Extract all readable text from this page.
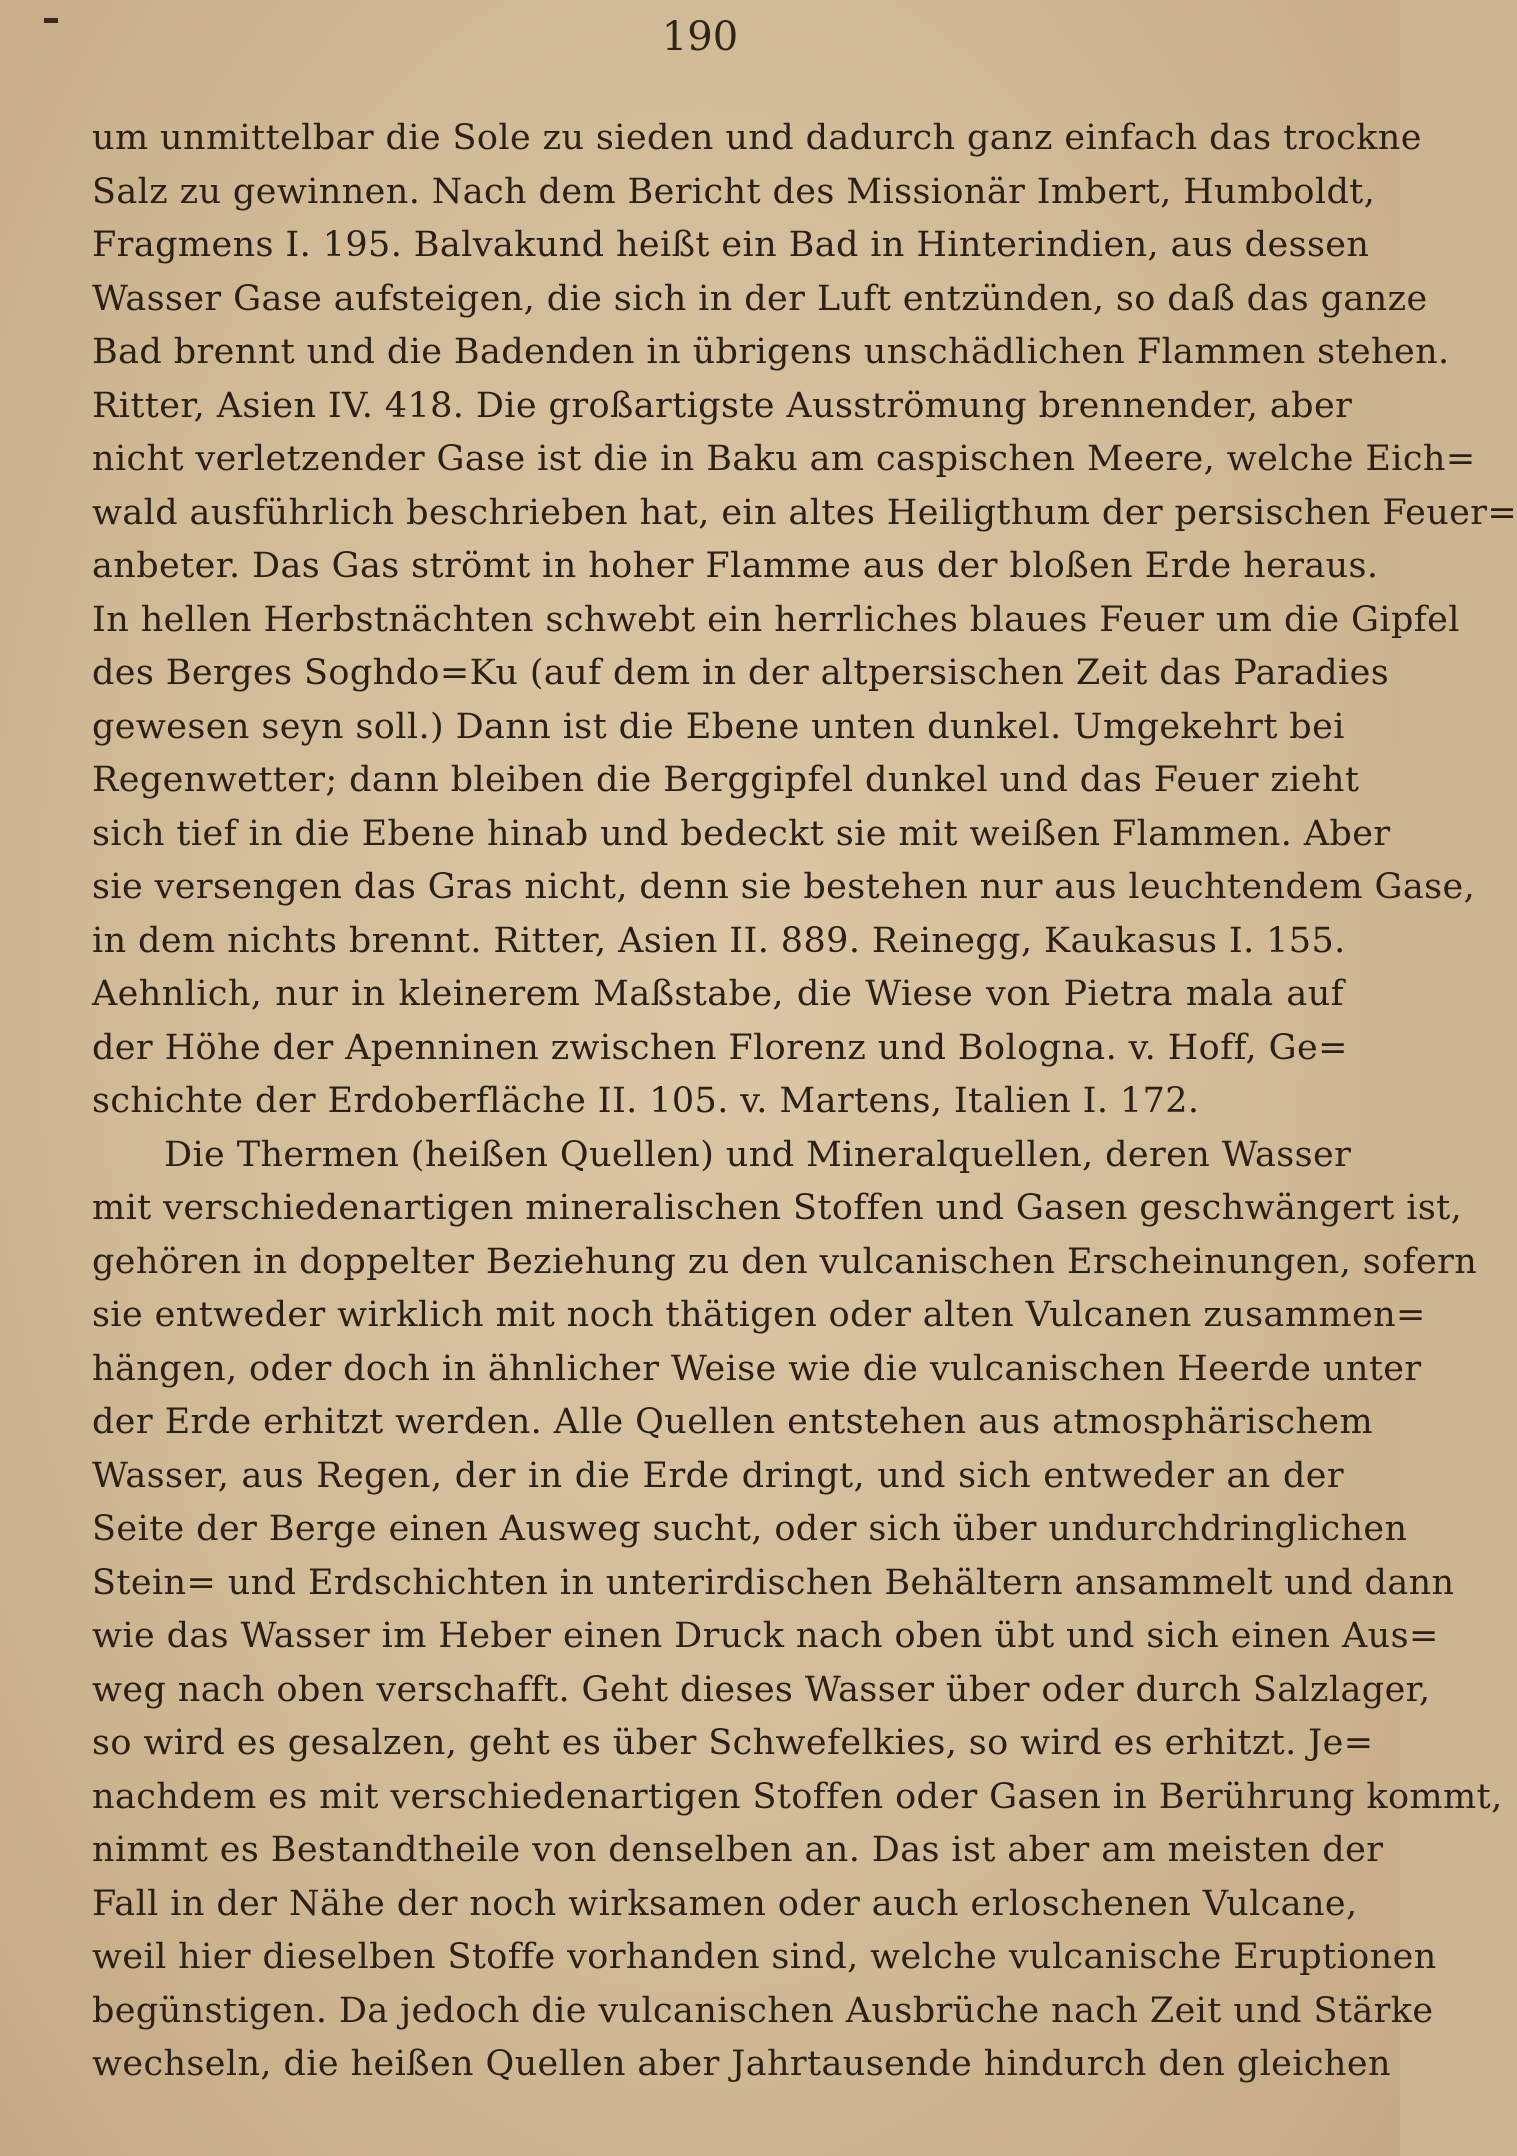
190
um unmittelbar die Sole zu sieden und dadurch ganz einfach das trockne
Salz zu gewinnen. Nach dem Bericht des Missionär Imbert, Humboldt,
Fragmens I. 195. Balvakund heißt ein Bad in Hinterindien, aus dessen
Wasser Gase aufsteigen, die sich in der Luft entzünden, so daß das ganze
Bad brennt und die Badenden in übrigens unschädlichen Flammen stehen.
Ritter, Asien IV. 418. Die großartigste Ausströmung brennender, aber
nicht verletzender Gase ist die in Baku am caspischen Meere, welche Eich=
wald ausführlich beschrieben hat, ein altes Heiligthum der persischen Feuer=
anbeter. Das Gas strömt in hoher Flamme aus der bloßen Erde heraus.
In hellen Herbstnächten schwebt ein herrliches blaues Feuer um die Gipfel
des Berges Soghdo=Ku (auf dem in der altpersischen Zeit das Paradies
gewesen seyn soll.) Dann ist die Ebene unten dunkel. Umgekehrt bei
Regenwetter; dann bleiben die Berggipfel dunkel und das Feuer zieht
sich tief in die Ebene hinab und bedeckt sie mit weißen Flammen. Aber
sie versengen das Gras nicht, denn sie bestehen nur aus leuchtendem Gase,
in dem nichts brennt. Ritter, Asien II. 889. Reinegg, Kaukasus I. 155.
Aehnlich, nur in kleinerem Maßstabe, die Wiese von Pietra mala auf
der Höhe der Apenninen zwischen Florenz und Bologna. v. Hoff, Ge=
schichte der Erdoberfläche II. 105. v. Martens, Italien I. 172.
Die Thermen (heißen Quellen) und Mineralquellen, deren Wasser
mit verschiedenartigen mineralischen Stoffen und Gasen geschwängert ist,
gehören in doppelter Beziehung zu den vulcanischen Erscheinungen, sofern
sie entweder wirklich mit noch thätigen oder alten Vulcanen zusammen=
hängen, oder doch in ähnlicher Weise wie die vulcanischen Heerde unter
der Erde erhitzt werden. Alle Quellen entstehen aus atmosphärischem
Wasser, aus Regen, der in die Erde dringt, und sich entweder an der
Seite der Berge einen Ausweg sucht, oder sich über undurchdringlichen
Stein= und Erdschichten in unterirdischen Behältern ansammelt und dann
wie das Wasser im Heber einen Druck nach oben übt und sich einen Aus=
weg nach oben verschafft. Geht dieses Wasser über oder durch Salzlager,
so wird es gesalzen, geht es über Schwefelkies, so wird es erhitzt. Je=
nachdem es mit verschiedenartigen Stoffen oder Gasen in Berührung kommt,
nimmt es Bestandtheile von denselben an. Das ist aber am meisten der
Fall in der Nähe der noch wirksamen oder auch erloschenen Vulcane,
weil hier dieselben Stoffe vorhanden sind, welche vulcanische Eruptionen
begünstigen. Da jedoch die vulcanischen Ausbrüche nach Zeit und Stärke
wechseln, die heißen Quellen aber Jahrtausende hindurch den gleichen
